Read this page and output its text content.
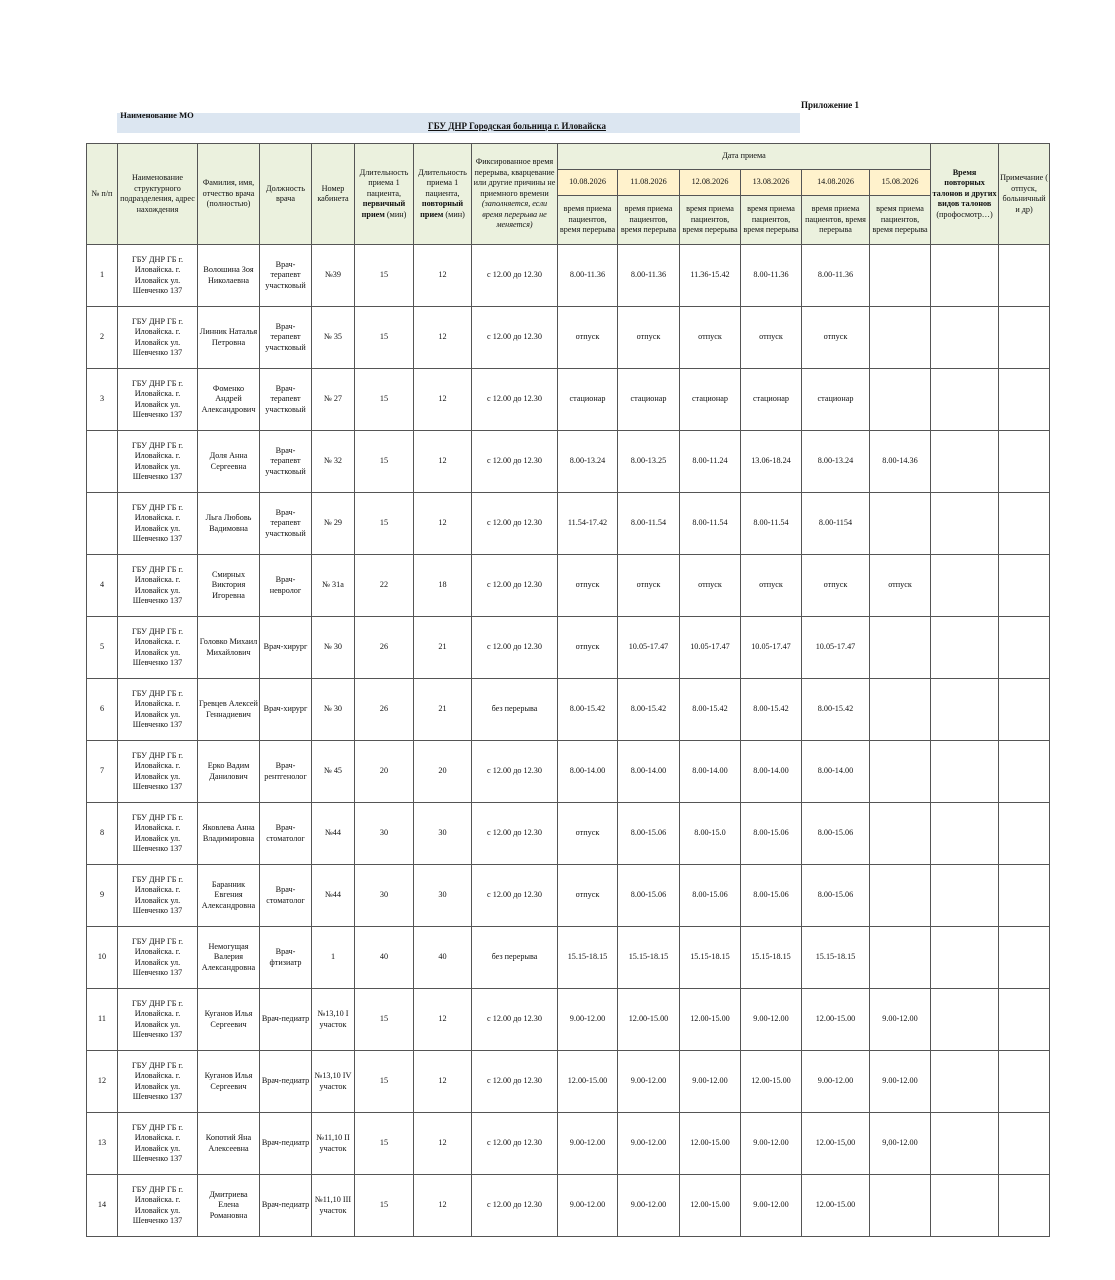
Приложение 1
Наименование МО
ГБУ ДНР Городская больница г. Иловайска
№ п/п	Наименование структурного подразделения, адрес нахождения	Фамилия, имя, отчество врача (полностью)	Должность врача	Номер кабинета	Длительность приема 1 пациента, первичный прием (мин)	Длительность приема 1 пациента, повторный прием (мин)	Фиксированное время перерыва, кварцевание или другие причины не приемного времени (заполняется, если время перерыва не меняется)	Дата приема						Время повторных талонов и других видов талонов (профосмотр…)	Примечание ( отпуск, больничный и др)
								10.08.2026	11.08.2026	12.08.2026	13.08.2026	14.08.2026	15.08.2026		
								время приема пациентов, время перерыва	время приема пациентов, время перерыва	время приема пациентов, время перерыва	время приема пациентов, время перерыва	время приема пациентов, время перерыва	время приема пациентов, время перерыва		
1	ГБУ ДНР ГБ г. Иловайска. г. Иловайск ул. Шевченко 137	Волошина Зоя Николаевна	Врач-терапевт участковый	№39	15	12	с 12.00 до 12.30	8.00-11.36	8.00-11.36	11.36-15.42	8.00-11.36	8.00-11.36			
2	ГБУ ДНР ГБ г. Иловайска. г. Иловайск ул. Шевченко 137	Линник Наталья Петровна	Врач-терапевт участковый	№ 35	15	12	с 12.00 до 12.30	отпуск	отпуск	отпуск	отпуск	отпуск			
3	ГБУ ДНР ГБ г. Иловайска. г. Иловайск ул. Шевченко 137	Фоменко Андрей Александрович	Врач-терапевт участковый	№ 27	15	12	с 12.00 до 12.30	стационар	стационар	стационар	стационар	стационар			
	ГБУ ДНР ГБ г. Иловайска. г. Иловайск ул. Шевченко 137	Доля Анна Сергеевна	Врач-терапевт участковый	№ 32	15	12	с 12.00 до 12.30	8.00-13.24	8.00-13.25	8.00-11.24	13.06-18.24	8.00-13.24	8.00-14.36		
	ГБУ ДНР ГБ г. Иловайска. г. Иловайск ул. Шевченко 137	Льга Любовь Вадимовна	Врач-терапевт участковый	№ 29	15	12	с 12.00 до 12.30	11.54-17.42	8.00-11.54	8.00-11.54	8.00-11.54	8.00-1154			
4	ГБУ ДНР ГБ г. Иловайска. г. Иловайск ул. Шевченко 137	Смирных Виктория Игоревна	Врач-невролог	№ 31а	22	18	с 12.00 до 12.30	отпуск	отпуск	отпуск	отпуск	отпуск	отпуск		
5	ГБУ ДНР ГБ г. Иловайска. г. Иловайск ул. Шевченко 137	Головко Михаил Михайлович	Врач-хирург	№ 30	26	21	с 12.00 до 12.30	отпуск	10.05-17.47	10.05-17.47	10.05-17.47	10.05-17.47			
6	ГБУ ДНР ГБ г. Иловайска. г. Иловайск ул. Шевченко 137	Гревцев Алексей Геннадиевич	Врач-хирург	№ 30	26	21	без перерыва	8.00-15.42	8.00-15.42	8.00-15.42	8.00-15.42	8.00-15.42			
7	ГБУ ДНР ГБ г. Иловайска. г. Иловайск ул. Шевченко 137	Ерко Вадим Данилович	Врач-рентгенолог	№ 45	20	20	с 12.00 до 12.30	8.00-14.00	8.00-14.00	8.00-14.00	8.00-14.00	8.00-14.00			
8	ГБУ ДНР ГБ г. Иловайска. г. Иловайск ул. Шевченко 137	Яковлева Анна Владимировна	Врач-стоматолог	№44	30	30	с 12.00 до 12.30	отпуск	8.00-15.06	8.00-15.0	8.00-15.06	8.00-15.06			
9	ГБУ ДНР ГБ г. Иловайска. г. Иловайск ул. Шевченко 137	Баранник Евгения Александровна	Врач-стоматолог	№44	30	30	с 12.00 до 12.30	отпуск	8.00-15.06	8.00-15.06	8.00-15.06	8.00-15.06			
10	ГБУ ДНР ГБ г. Иловайска. г. Иловайск ул. Шевченко 137	Немогущая Валерия Александровна	Врач-фтизиатр	1	40	40	без перерыва	15.15-18.15	15.15-18.15	15.15-18.15	15.15-18.15	15.15-18.15			
11	ГБУ ДНР ГБ г. Иловайска. г. Иловайск ул. Шевченко 137	Куганов Илья Сергеевич	Врач-педиатр	№13,10 I участок	15	12	с 12.00 до 12.30	9.00-12.00	12.00-15.00	12.00-15.00	9.00-12.00	12.00-15.00	9.00-12.00		
12	ГБУ ДНР ГБ г. Иловайска. г. Иловайск ул. Шевченко 137	Куганов Илья Сергеевич	Врач-педиатр	№13,10 IV участок	15	12	с 12.00 до 12.30	12.00-15.00	9.00-12.00	9.00-12.00	12.00-15.00	9.00-12.00	9.00-12.00		
13	ГБУ ДНР ГБ г. Иловайска. г. Иловайск ул. Шевченко 137	Копотий Яна Алексеевна	Врач-педиатр	№11,10 II участок	15	12	с 12.00 до 12.30	9.00-12.00	9.00-12.00	12.00-15.00	9.00-12.00	12.00-15,00	9,00-12.00		
14	ГБУ ДНР ГБ г. Иловайска. г. Иловайск ул. Шевченко 137	Дмитриева Елена Романовна	Врач-педиатр	№11,10 III участок	15	12	с 12.00 до 12.30	9.00-12.00	9.00-12.00	12.00-15.00	9.00-12.00	12.00-15.00			
